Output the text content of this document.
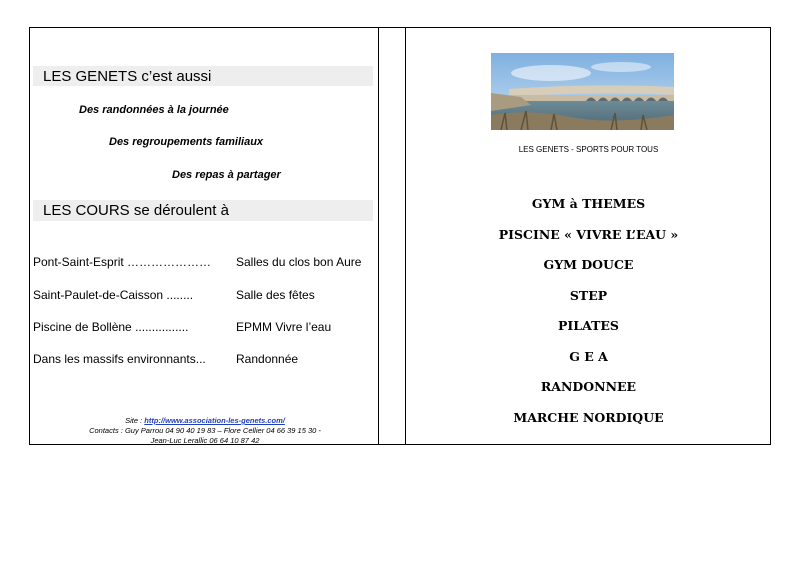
LES GENETS c’est aussi
Des randonnées à la journée
Des regroupements familiaux
Des repas à partager
LES COURS se déroulent à
Pont-Saint-Esprit ………………… Salles du clos bon Aure
Saint-Paulet-de-Caisson ........	Salle des fêtes
Piscine de Bollène ................	EPMM Vivre l’eau
Dans les massifs environnants...	Randonnée
Site : http://www.association-les-genets.com/
Contacts : Guy Parrou 04 90 40 19 83 – Flore Cellier 04 66 39 15 30 -
Jean-Luc Lerallic 06 64 10 87 42
LES GENETS - SPORTS POUR TOUS
GYM à THEMES
PISCINE « VIVRE L’EAU »
GYM DOUCE
STEP
PILATES
G E A
RANDONNEE
MARCHE NORDIQUE
